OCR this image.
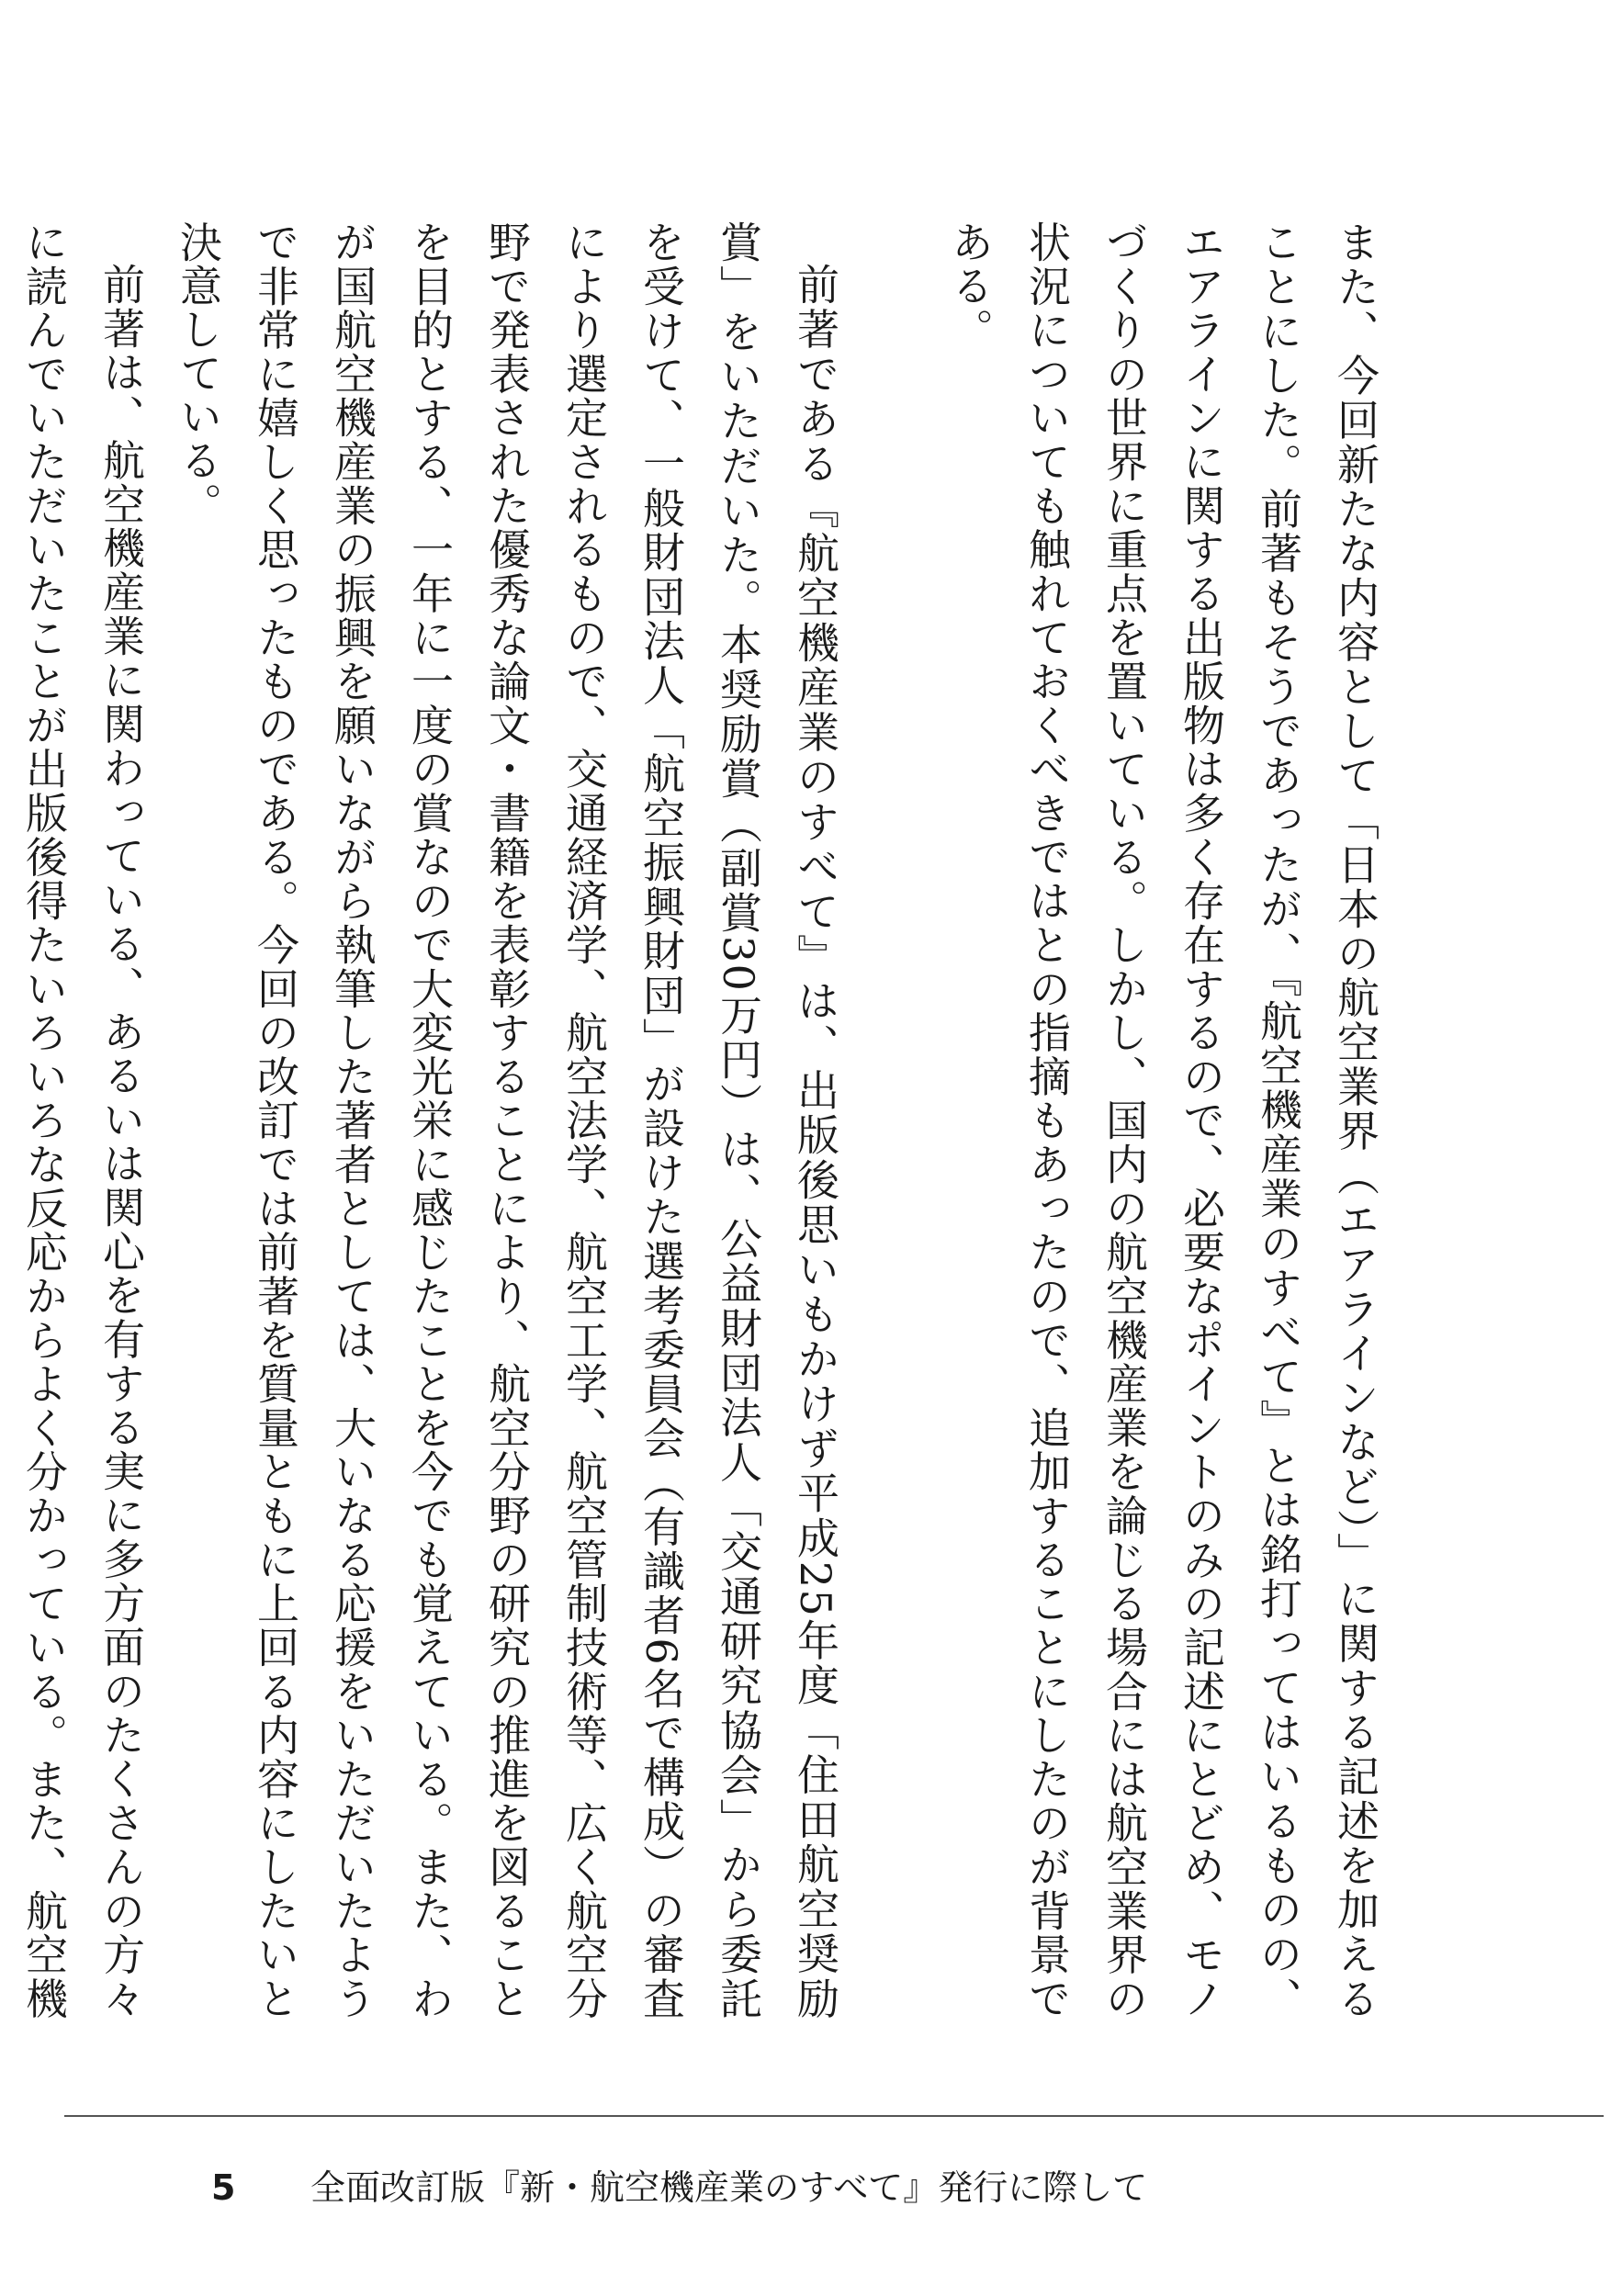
また、今回新たな内容として「日本の航空業界（エアラインなど）」に関する記述を加えることにした。前著もそうであったが、『航空機産業のすべて』とは銘打ってはいるものの、エアラインに関する出版物は多く存在するので、必要なポイントのみの記述にとどめ、モノづくりの世界に重点を置いている。しかし、国内の航空機産業を論じる場合には航空業界の状況についても触れておくべきではとの指摘もあったので、追加することにしたのが背景である。

前著である『航空機産業のすべて』は、出版後思いもかけず平成25年度「住田航空奨励賞」をいただいた。本奨励賞（副賞30万円）は、公益財団法人「交通研究協会」から委託を受けて、一般財団法人「航空振興財団」が設けた選考委員会（有識者6名で構成）の審査により選定されるもので、交通経済学、航空法学、航空工学、航空管制技術等、広く航空分野で発表された優秀な論文・書籍を表彰することにより、航空分野の研究の推進を図ることを目的とする、一年に一度の賞なので大変光栄に感じたことを今でも覚えている。また、わが国航空機産業の振興を願いながら執筆した著者としては、大いなる応援をいただいたようで非常に嬉しく思ったものである。今回の改訂では前著を質量ともに上回る内容にしたいと決意している。

前著は、航空機産業に関わっている、あるいは関心を有する実に多方面のたくさんの方々に読んでいただいたことが出版後得たいろいろな反応からよく分かっている。また、航空機

5 全面改訂版『新・航空機産業のすべて』発行に際して
